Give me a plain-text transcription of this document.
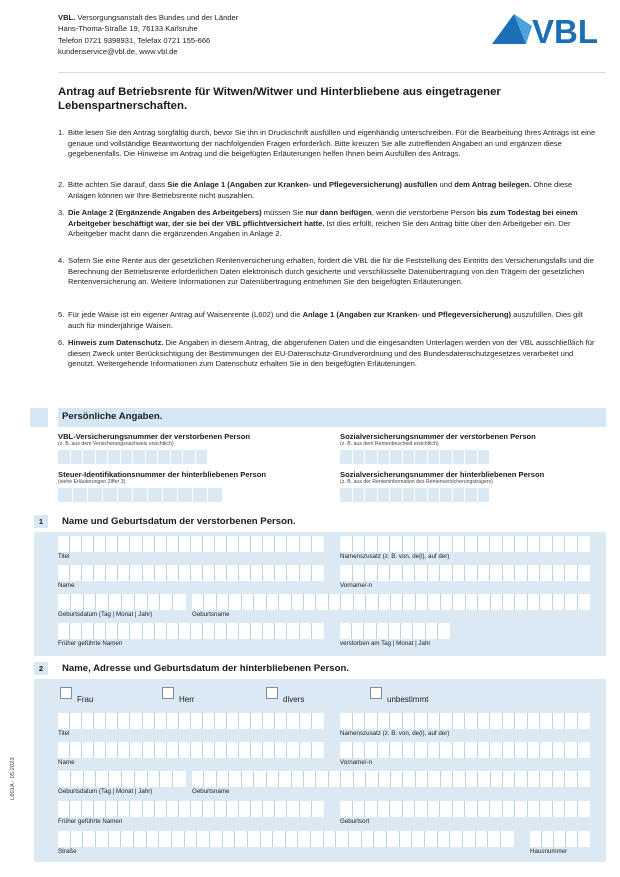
VBL. Versorgungsanstalt des Bundes und der Länder
Hans-Thoma-Straße 19, 76133 Karlsruhe
Telefon 0721 9398931, Telefax 0721 155-666
kundenservice@vbl.de, www.vbl.de
VBL
Antrag auf Betriebsrente für Witwen/Witwer und Hinterbliebene aus eingetragener Lebenspartnerschaften.
1. Bitte lesen Sie den Antrag sorgfältig durch, bevor Sie ihn in Druckschrift ausfüllen und eigenhändig unterschreiben. Für die Bearbeitung Ihres Antrags ist eine genaue und vollständige Beantwortung der nachfolgenden Fragen erforderlich. Bitte kreuzen Sie alle zutreffenden Angaben an und ergänzen diese gegebenenfalls. Die Hinweise im Antrag und die beigefügten Erläuterungen helfen Ihnen beim Ausfüllen des Antrags.
2. Bitte achten Sie darauf, dass Sie die Anlage 1 (Angaben zur Kranken- und Pflegeversicherung) ausfüllen und dem Antrag beilegen. Ohne diese Anlagen können wir Ihre Betriebsrente nicht auszahlen.
3. Die Anlage 2 (Ergänzende Angaben des Arbeitgebers) müssen Sie nur dann beifügen, wenn die verstorbene Person bis zum Todestag bei einem Arbeitgeber beschäftigt war, der sie bei der VBL pflichtversichert hatte. Ist dies erfüllt, reichen Sie den Antrag bitte über den Arbeitgeber ein. Der Arbeitgeber macht dann die ergänzenden Angaben in Anlage 2.
4. Sofern Sie eine Rente aus der gesetzlichen Rentenversicherung erhalten, fordert die VBL die für die Feststellung des Eintritts des Versicherungsfalls und die Berechnung der Betriebsrente erforderlichen Daten elektronisch durch gesicherte und verschlüsselte Datenübertragung von den Trägern der gesetzlichen Rentenversicherung an. Weitere Informationen zur Datenübertragung entnehmen Sie den beigefügten Erläuterungen.
5. Für jede Waise ist ein eigener Antrag auf Waisenrente (L602) und die Anlage 1 (Angaben zur Kranken- und Pflegeversicherung) auszufüllen. Dies gilt auch für minderjährige Waisen.
6. Hinweis zum Datenschutz. Die Angaben in diesem Antrag, die abgerufenen Daten und die eingesandten Unterlagen werden von der VBL ausschließlich für diesen Zweck unter Berücksichtigung der Bestimmungen der EU-Datenschutz-Grundverordnung und des Bundesdatenschutzgesetzes verarbeitet und genutzt. Weitergehende Informationen zum Datenschutz erhalten Sie in den beigefügten Erläuterungen.
Persönliche Angaben.
VBL-Versicherungsnummer der verstorbenen Person
(z. B. aus dem Versicherungsnachweis ersichtlich)
Sozialversicherungsnummer der verstorbenen Person
(z. B. aus dem Rentenbescheid ersichtlich)
Steuer-Identifikationsnummer der hinterbliebenen Person
(siehe Erläuterungen Ziffer 3)
Sozialversicherungsnummer der hinterbliebenen Person
(z. B. aus der Renteninformation des Rentenversicherungsträgers)
1	Name und Geburtsdatum der verstorbenen Person.
Titel	Namenszusatz (z. B. von, de(l), auf der)
Name	Vorname/-n
Geburtsdatum (Tag | Monat | Jahr)	Geburtsname
Früher geführte Namen	verstorben am Tag | Monat | Jahr
2	Name, Adresse und Geburtsdatum der hinterbliebenen Person.
Frau	Herr	divers	unbestimmt
Titel	Namenszusatz (z. B. von, de(l), auf der)
Name	Vorname/-n
Geburtsdatum (Tag | Monat | Jahr)	Geburtsname
Früher geführte Namen	Geburtsort
Straße	Hausnummer
L601A - 05.2023
